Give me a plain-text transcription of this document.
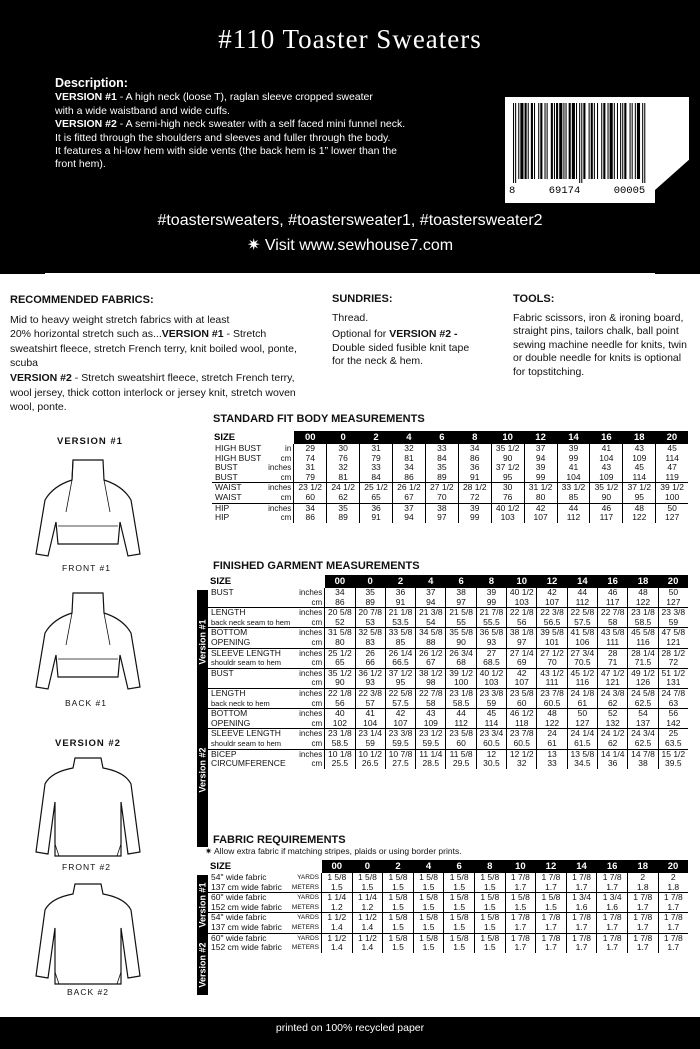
#110 Toaster Sweaters
Description:
VERSION #1 - A high neck (loose T), raglan sleeve cropped sweater
with a wide waistband and wide cuffs.
VERSION #2 - A semi-high neck sweater with a self faced mini funnel neck.
It is fitted through the shoulders and sleeves and fuller through the body.
It features a hi-low hem with side vents (the back hem is 1” lower than the
front hem).
8	69174	00005
#toastersweaters, #toastersweater1, #toastersweater2
✷ Visit www.sewhouse7.com
RECOMMENDED FABRICS:
Mid to heavy weight stretch fabrics with at least
20% horizontal stretch such as...VERSION #1 - Stretch sweatshirt fleece, stretch French terry, knit boiled wool, ponte, scuba
VERSION #2 - Stretch sweatshirt fleece, stretch French terry, wool jersey, thick cotton interlock or jersey knit, stretch woven wool, ponte.
SUNDRIES:
Thread.
Optional for VERSION #2 -
Double sided fusible knit tape for the neck & hem.
TOOLS:
Fabric scissors, iron & ironing board, straight pins, tailors chalk, ball point sewing machine needle for knits, twin or double needle for knits is optional for topstitching.
VERSION #1
FRONT #1
BACK #1
VERSION #2
FRONT #2
BACK #2
STANDARD FIT BODY MEASUREMENTS
SIZE		00	0	2	4	6	8	10	12	14	16	18	20
HIGH BUST	in	29	30	31	32	33	34	35 1/2	37	39	41	43	45
HIGH BUST	cm	74	76	79	81	84	86	90	94	99	104	109	114
BUST	inches	31	32	33	34	35	36	37 1/2	39	41	43	45	47
BUST	cm	79	81	84	86	89	91	95	99	104	109	114	119
WAIST	inches	23 1/2	24 1/2	25 1/2	26 1/2	27 1/2	28 1/2	30	31 1/2	33 1/2	35 1/2	37 1/2	39 1/2
WAIST	cm	60	62	65	67	70	72	76	80	85	90	95	100
HIP	inches	34	35	36	37	38	39	40 1/2	42	44	46	48	50
HIP	cm	86	89	91	94	97	99	103	107	112	117	122	127
FINISHED GARMENT MEASUREMENTS
Version #1
Version #2
SIZE		00	0	2	4	6	8	10	12	14	16	18	20
BUST	inches	34	35	36	37	38	39	40 1/2	42	44	46	48	50
	cm	86	89	91	94	97	99	103	107	112	117	122	127
LENGTH	inches	20 5/8	20 7/8	21 1/8	21 3/8	21 5/8	21 7/8	22 1/8	22 3/8	22 5/8	22 7/8	23 1/8	23 3/8
back neck seam to hem	cm	52	53	53.5	54	55	55.5	56	56.5	57.5	58	58.5	59
BOTTOM	inches	31 5/8	32 5/8	33 5/8	34 5/8	35 5/8	36 5/8	38 1/8	39 5/8	41 5/8	43 5/8	45 5/8	47 5/8
OPENING	cm	80	83	85	88	90	93	97	101	106	111	116	121
SLEEVE LENGTH	inches	25 1/2	26	26 1/4	26 1/2	26 3/4	27	27 1/4	27 1/2	27 3/4	28	28 1/4	28 1/2
shouldr seam to hem	cm	65	66	66.5	67	68	68.5	69	70	70.5	71	71.5	72
BUST	inches	35 1/2	36 1/2	37 1/2	38 1/2	39 1/2	40 1/2	42	43 1/2	45 1/2	47 1/2	49 1/2	51 1/2
	cm	90	93	95	98	100	103	107	111	116	121	126	131
LENGTH	inches	22 1/8	22 3/8	22 5/8	22 7/8	23 1/8	23 3/8	23 5/8	23 7/8	24 1/8	24 3/8	24 5/8	24 7/8
back neck to hem	cm	56	57	57.5	58	58.5	59	60	60.5	61	62	62.5	63
BOTTOM	inches	40	41	42	43	44	45	46 1/2	48	50	52	54	56
OPENING	cm	102	104	107	109	112	114	118	122	127	132	137	142
SLEEVE LENGTH	inches	23 1/8	23 1/4	23 3/8	23 1/2	23 5/8	23 3/4	23 7/8	24	24 1/4	24 1/2	24 3/4	25
shouldr seam to hem	cm	58.5	59	59.5	59.5	60	60.5	60.5	61	61.5	62	62.5	63.5
BICEP	inches	10 1/8	10 1/2	10 7/8	11 1/4	11 5/8	12	12 1/2	13	13 5/8	14 1/4	14 7/8	15 1/2
CIRCUMFERENCE	cm	25.5	26.5	27.5	28.5	29.5	30.5	32	33	34.5	36	38	39.5
FABRIC REQUIREMENTS
✷ Allow extra fabric if matching stripes, plaids or using border prints.
Version #1
Version #2
SIZE		00	0	2	4	6	8	10	12	14	16	18	20
54" wide fabric	YARDS	1 5/8	1 5/8	1 5/8	1 5/8	1 5/8	1 5/8	1 7/8	1 7/8	1 7/8	1 7/8	2	2
137 cm wide fabric	METERS	1.5	1.5	1.5	1.5	1.5	1.5	1.7	1.7	1.7	1.7	1.8	1.8
60" wide fabric	YARDS	1 1/4	1 1/4	1 5/8	1 5/8	1 5/8	1 5/8	1 5/8	1 5/8	1 3/4	1 3/4	1 7/8	1 7/8
152 cm wide fabric	METERS	1.2	1.2	1.5	1.5	1.5	1.5	1.5	1.5	1.6	1.6	1.7	1.7
54" wide fabric	YARDS	1 1/2	1 1/2	1 5/8	1 5/8	1 5/8	1 5/8	1 7/8	1 7/8	1 7/8	1 7/8	1 7/8	1 7/8
137 cm wide fabric	METERS	1.4	1.4	1.5	1.5	1.5	1.5	1.7	1.7	1.7	1.7	1.7	1.7
60" wide fabric	YARDS	1 1/2	1 1/2	1 5/8	1 5/8	1 5/8	1 5/8	1 7/8	1 7/8	1 7/8	1 7/8	1 7/8	1 7/8
152 cm wide fabric	METERS	1.4	1.4	1.5	1.5	1.5	1.5	1.7	1.7	1.7	1.7	1.7	1.7
printed on 100% recycled paper
